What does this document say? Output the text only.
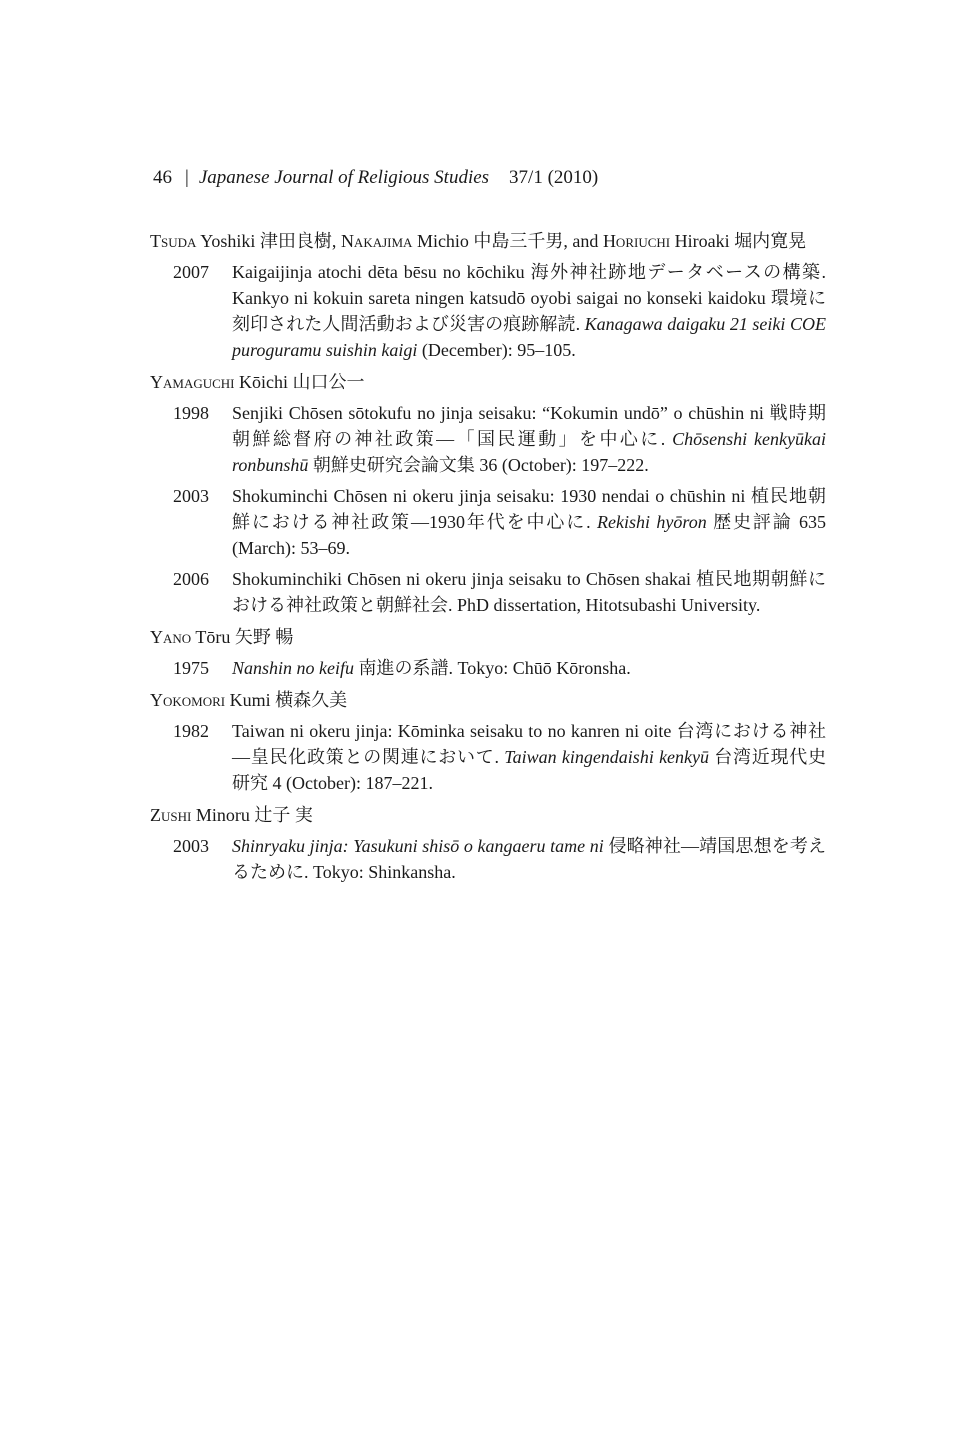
46 | Japanese Journal of Religious Studies 37/1 (2010)
Tsuda Yoshiki 津田良樹, Nakajima Michio 中島三千男, and Horiuchi Hiroaki 堀内寛晃
2007 Kaigaijinja atochi dēta bēsu no kōchiku 海外神社跡地データベースの構築. Kankyo ni kokuin sareta ningen katsudō oyobi saigai no konseki kaidoku 環境に刻印された人間活動および災害の痕跡解読. Kanagawa daigaku 21 seiki COE puroguramu suishin kaigi (December): 95–105.
Yamaguchi Kōichi 山口公一
1998 Senjiki Chōsen sōtokufu no jinja seisaku: “Kokumin undō” o chūshin ni 戦時期朝鮮総督府の神社政策—「国民運動」を中心に. Chōsenshi kenkyūkai ronbunshū 朝鮮史研究会論文集 36 (October): 197–222.
2003 Shokuminchi Chōsen ni okeru jinja seisaku: 1930 nendai o chūshin ni 植民地朝鮮における神社政策—1930年代を中心に. Rekishi hyōron 歴史評論 635 (March): 53–69.
2006 Shokuminchiki Chōsen ni okeru jinja seisaku to Chōsen shakai 植民地期朝鮮における神社政策と朝鮮社会. PhD dissertation, Hitotsubashi University.
Yano Tōru 矢野 暢
1975 Nanshin no keifu 南進の系譜. Tokyo: Chūō Kōronsha.
Yokomori Kumi 横森久美
1982 Taiwan ni okeru jinja: Kōminka seisaku to no kanren ni oite 台湾における神社—皇民化政策との関連において. Taiwan kingendaishi kenkyū 台湾近現代史研究 4 (October): 187–221.
Zushi Minoru 辻子 実
2003 Shinryaku jinja: Yasukuni shisō o kangaeru tame ni 侵略神社—靖国思想を考えるために. Tokyo: Shinkansha.
